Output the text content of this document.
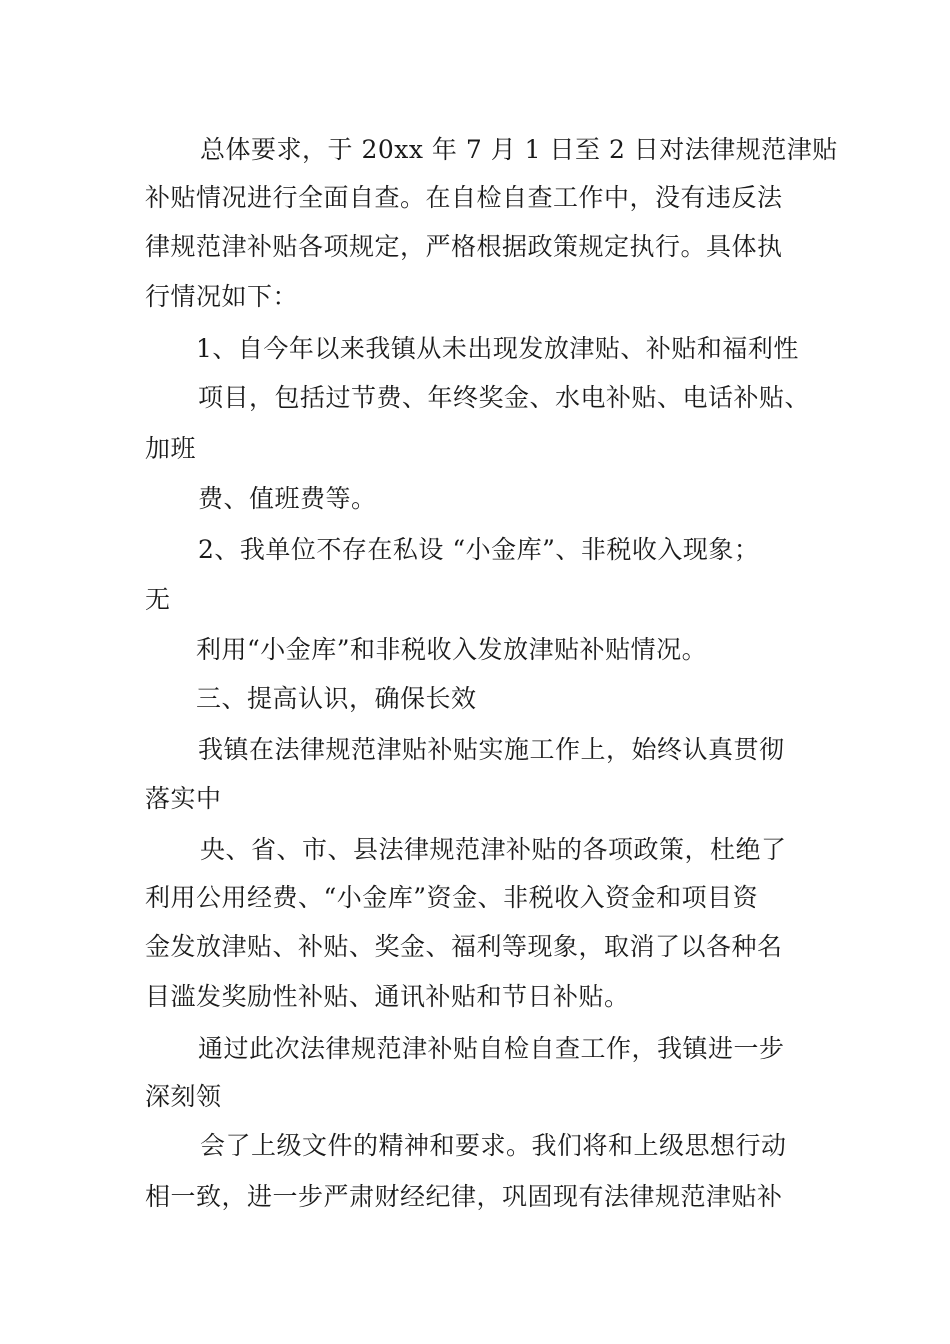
总体要求，于 20xx 年 7 月 1 日至 2 日对法律规范津贴
补贴情况进行全面自查。在自检自查工作中，没有违反法
律规范津补贴各项规定，严格根据政策规定执行。具体执
行情况如下：
1、自今年以来我镇从未出现发放津贴、补贴和福利性
项目，包括过节费、年终奖金、水电补贴、电话补贴、
加班
费、值班费等。
2、我单位不存在私设 “小金库”、非税收入现象；
无
利用“小金库”和非税收入发放津贴补贴情况。
三、提高认识，确保长效
我镇在法律规范津贴补贴实施工作上，始终认真贯彻
落实中
央、省、市、县法律规范津补贴的各项政策，杜绝了
利用公用经费、“小金库”资金、非税收入资金和项目资
金发放津贴、补贴、奖金、福利等现象，取消了以各种名
目滥发奖励性补贴、通讯补贴和节日补贴。
通过此次法律规范津补贴自检自查工作，我镇进一步
深刻领
会了上级文件的精神和要求。我们将和上级思想行动
相一致，进一步严肃财经纪律，巩固现有法律规范津贴补
